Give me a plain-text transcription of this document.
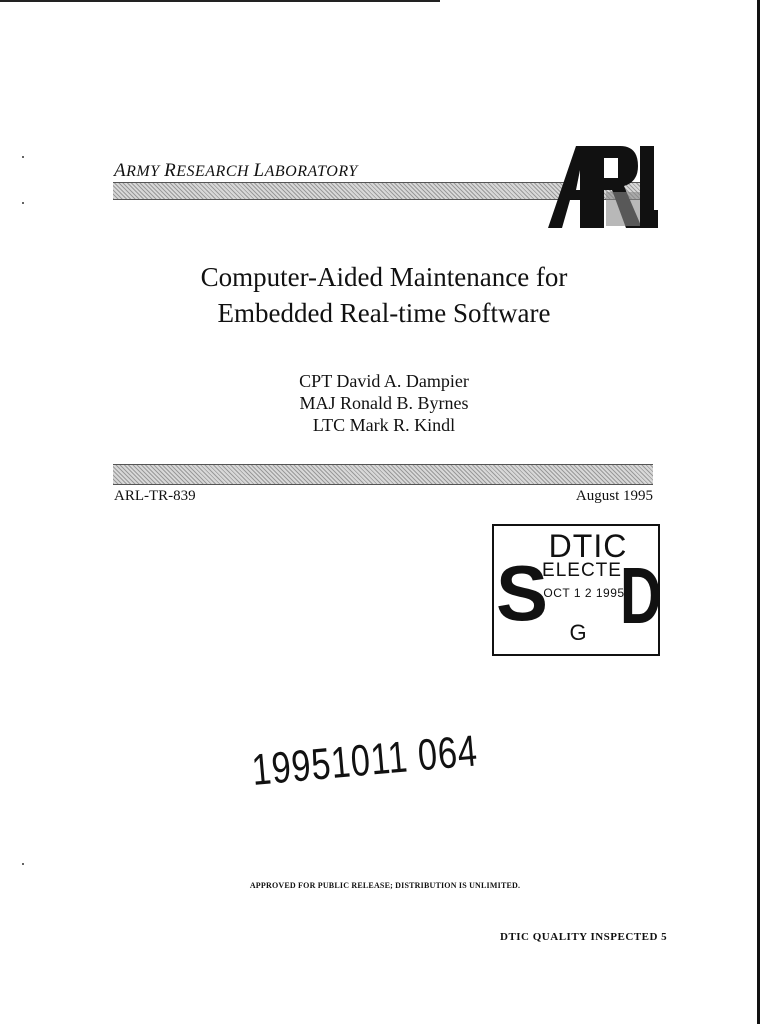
ARMY RESEARCH LABORATORY
Computer-Aided Maintenance for
Embedded Real-time Software
CPT David A. Dampier
MAJ Ronald B. Byrnes
LTC Mark R. Kindl
ARL-TR-839	August 1995
S
DTIC
ELECTE
OCT 1 2 1995
G D
19951011 064
APPROVED FOR PUBLIC RELEASE; DISTRIBUTION IS UNLIMITED.
DTIC QUALITY INSPECTED 5
